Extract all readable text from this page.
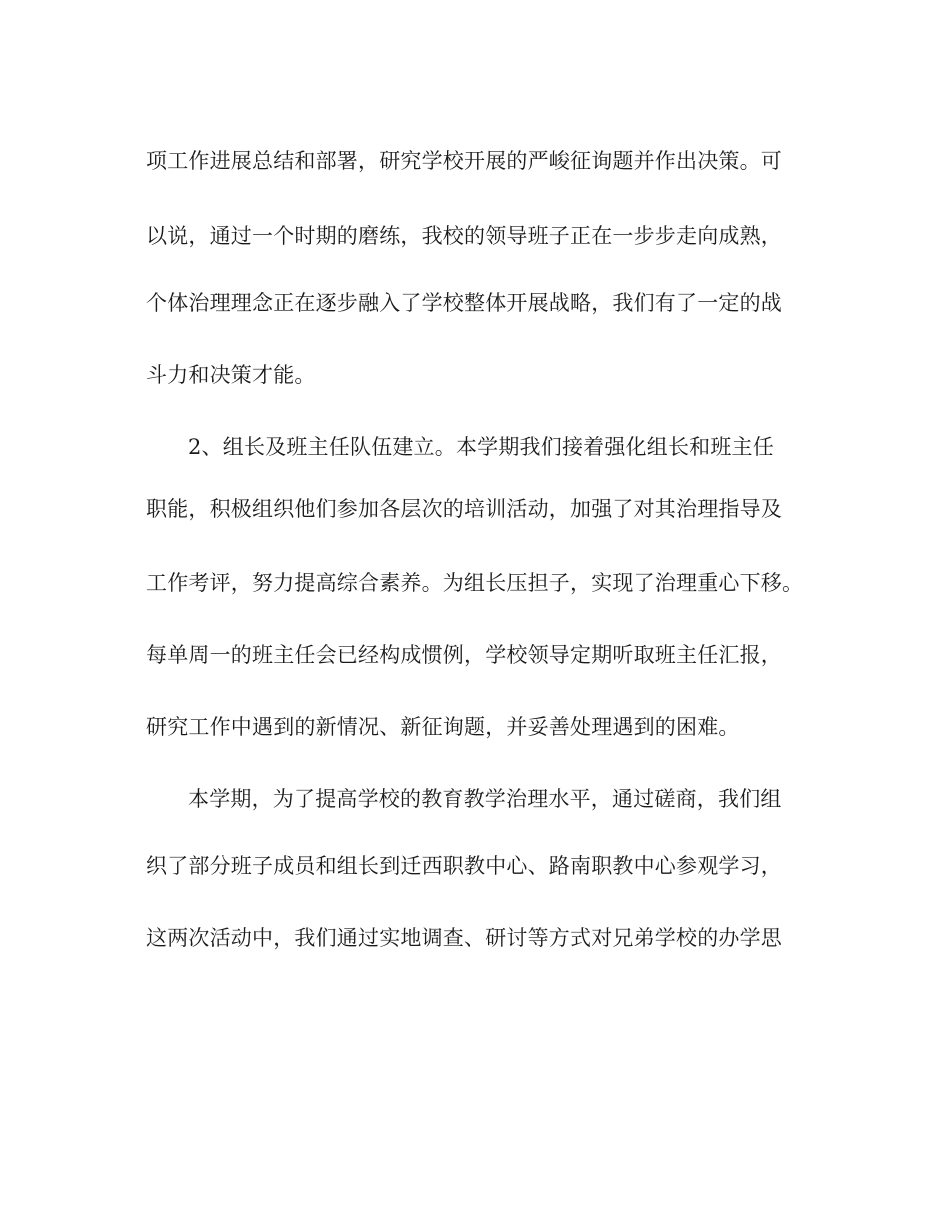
项工作进展总结和部署，研究学校开展的严峻征询题并作出决策。可
以说，通过一个时期的磨练，我校的领导班子正在一步步走向成熟，
个体治理理念正在逐步融入了学校整体开展战略，我们有了一定的战
斗力和决策才能。
2、组长及班主任队伍建立。本学期我们接着强化组长和班主任
职能，积极组织他们参加各层次的培训活动，加强了对其治理指导及
工作考评，努力提高综合素养。为组长压担子，实现了治理重心下移。
每单周一的班主任会已经构成惯例，学校领导定期听取班主任汇报，
研究工作中遇到的新情况、新征询题，并妥善处理遇到的困难。
本学期，为了提高学校的教育教学治理水平，通过磋商，我们组
织了部分班子成员和组长到迁西职教中心、路南职教中心参观学习，
这两次活动中，我们通过实地调查、研讨等方式对兄弟学校的办学思
